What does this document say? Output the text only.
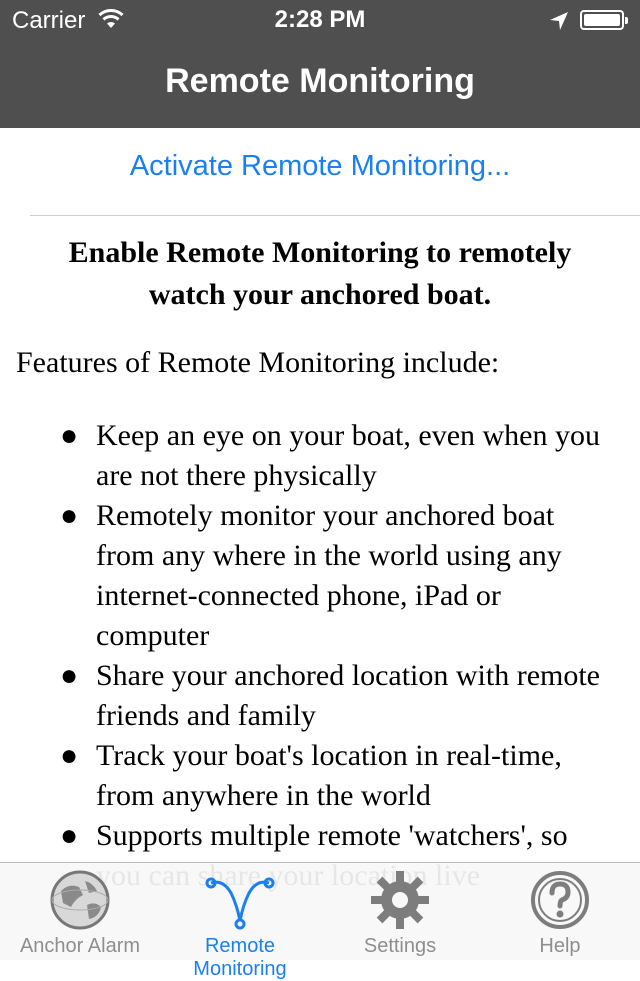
Carrier	2:28 PM
Remote Monitoring
Activate Remote Monitoring...
Enable Remote Monitoring to remotely watch your anchored boat.
Features of Remote Monitoring include:
● Keep an eye on your boat, even when you are not there physically
● Remotely monitor your anchored boat from any where in the world using any internet-connected phone, iPad or computer
● Share your anchored location with remote friends and family
● Track your boat's location in real-time, from anywhere in the world
● Supports multiple remote 'watchers', so
Anchor Alarm	Remote Monitoring
Settings	Help
